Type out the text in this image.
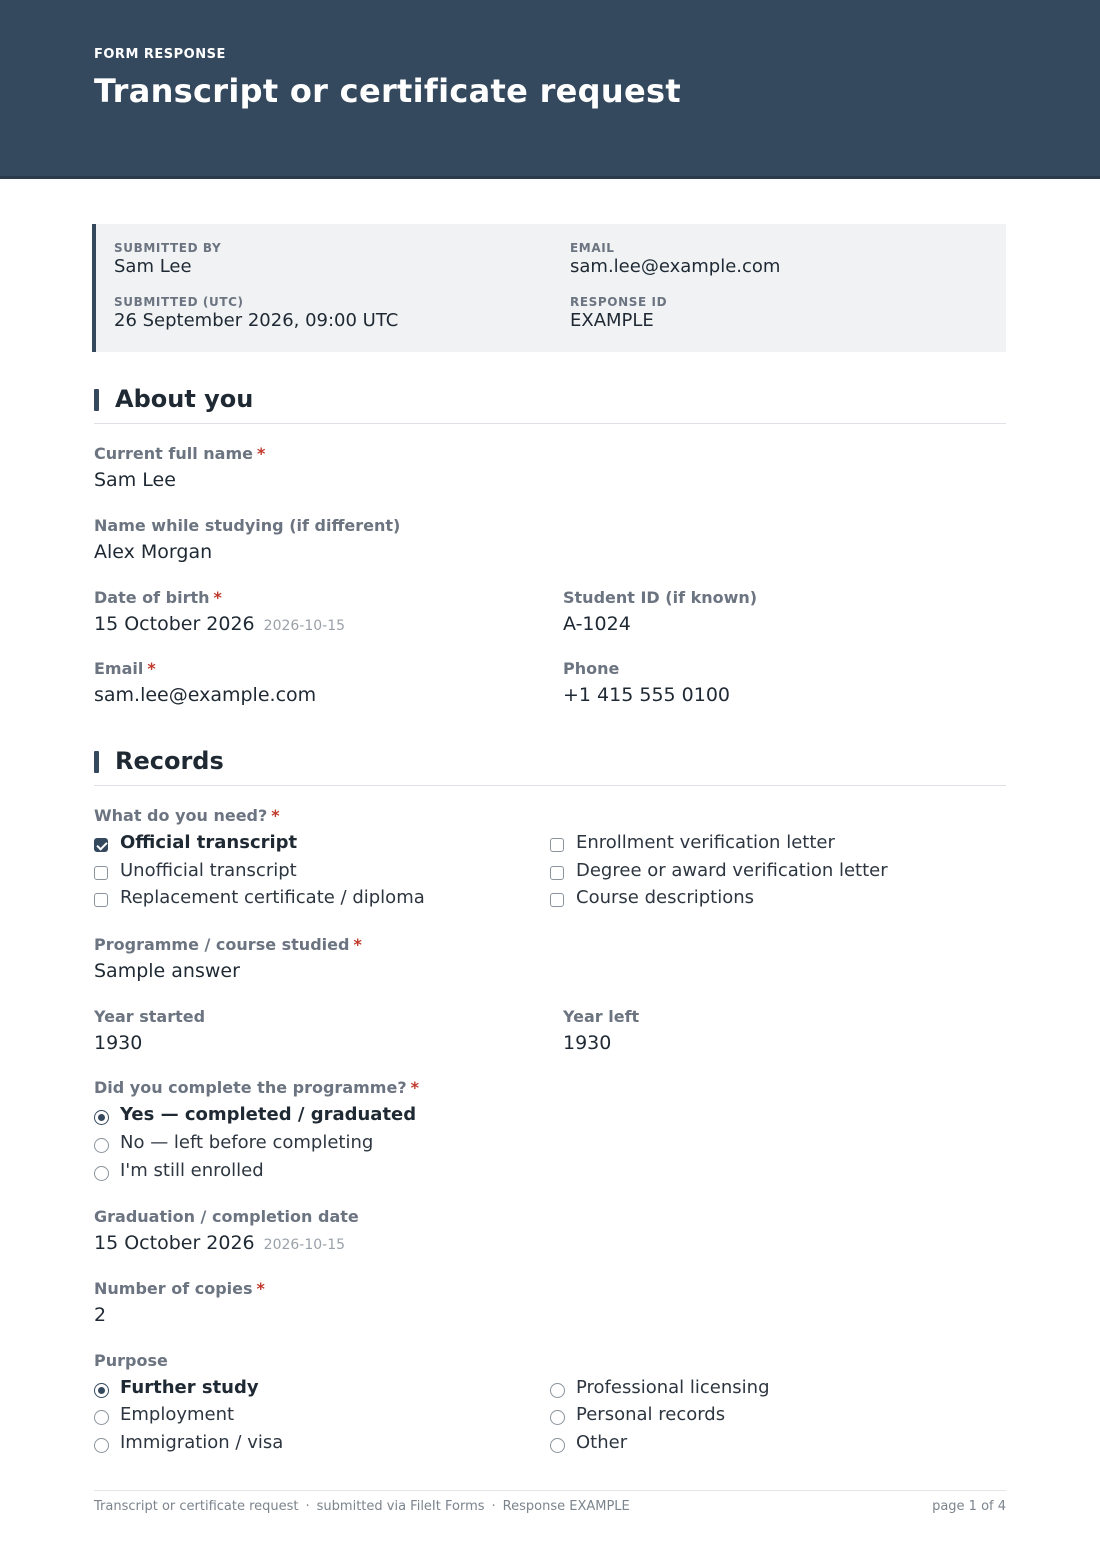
FORM RESPONSE
Transcript or certificate request
SUBMITTED BY
Sam Lee
EMAIL
sam.lee@example.com
SUBMITTED (UTC)
26 September 2026, 09:00 UTC
RESPONSE ID
EXAMPLE
About you
Current full name *
Sam Lee
Name while studying (if different)
Alex Morgan
Date of birth *
15 October 2026 2026-10-15
Student ID (if known)
A-1024
Email *
sam.lee@example.com
Phone
+1 415 555 0100
Records
What do you need? *
Official transcript
Unofficial transcript
Replacement certificate / diploma
Enrollment verification letter
Degree or award verification letter
Course descriptions
Programme / course studied *
Sample answer
Year started
1930
Year left
1930
Did you complete the programme? *
Yes — completed / graduated
No — left before completing
I'm still enrolled
Graduation / completion date
15 October 2026 2026-10-15
Number of copies *
2
Purpose
Further study
Employment
Immigration / visa
Professional licensing
Personal records
Other
Transcript or certificate request · submitted via FileIt Forms · Response EXAMPLE	page 1 of 4
